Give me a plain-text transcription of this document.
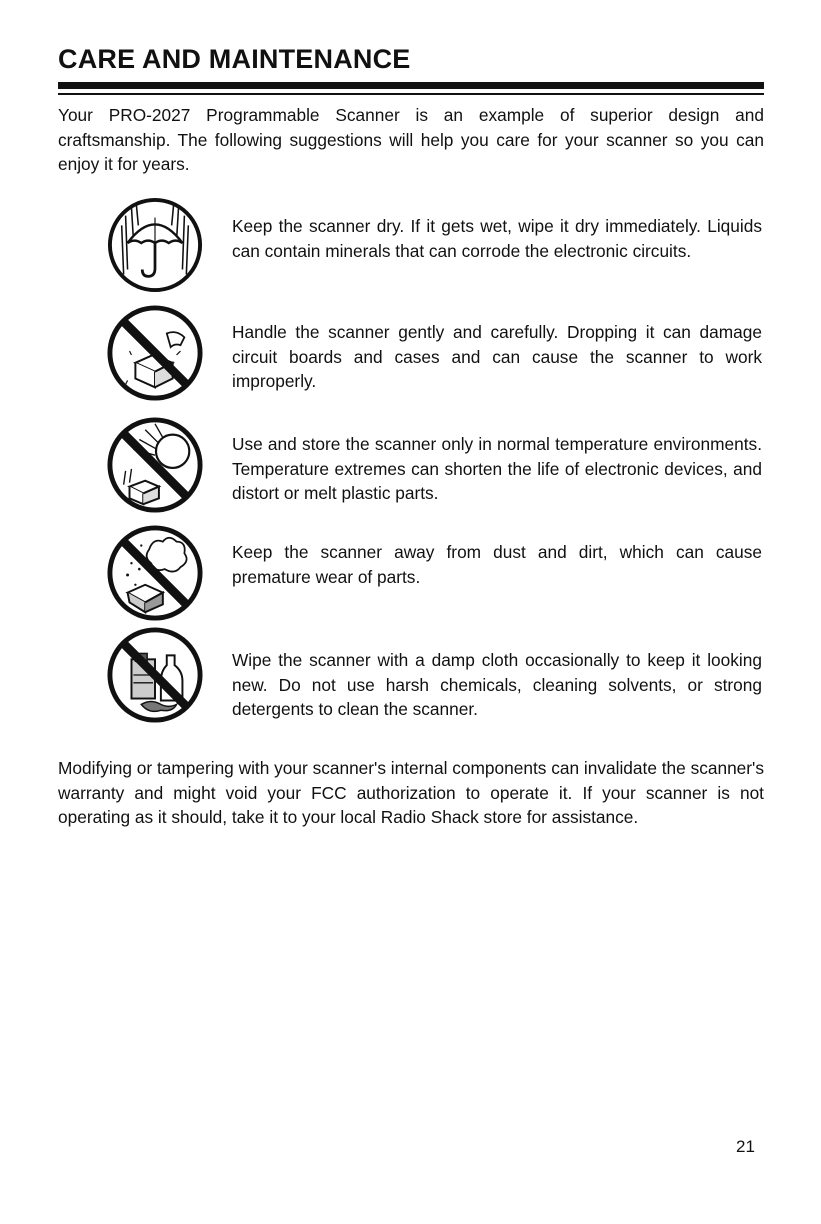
CARE AND MAINTENANCE

Your PRO-2027 Programmable Scanner is an example of superior design and craftsmanship. The following suggestions will help you care for your scanner so you can enjoy it for years.

Keep the scanner dry. If it gets wet, wipe it dry immediately. Liquids can contain minerals that can corrode the electronic circuits.

Handle the scanner gently and carefully. Dropping it can damage circuit boards and cases and can cause the scanner to work improperly.

Use and store the scanner only in normal temperature environments. Temperature extremes can shorten the life of electronic devices, and distort or melt plastic parts.

Keep the scanner away from dust and dirt, which can cause premature wear of parts.

Wipe the scanner with a damp cloth occasionally to keep it looking new. Do not use harsh chemicals, cleaning solvents, or strong detergents to clean the scanner.

Modifying or tampering with your scanner's internal components can invalidate the scanner's warranty and might void your FCC authorization to operate it. If your scanner is not operating as it should, take it to your local Radio Shack store for assistance.

21
